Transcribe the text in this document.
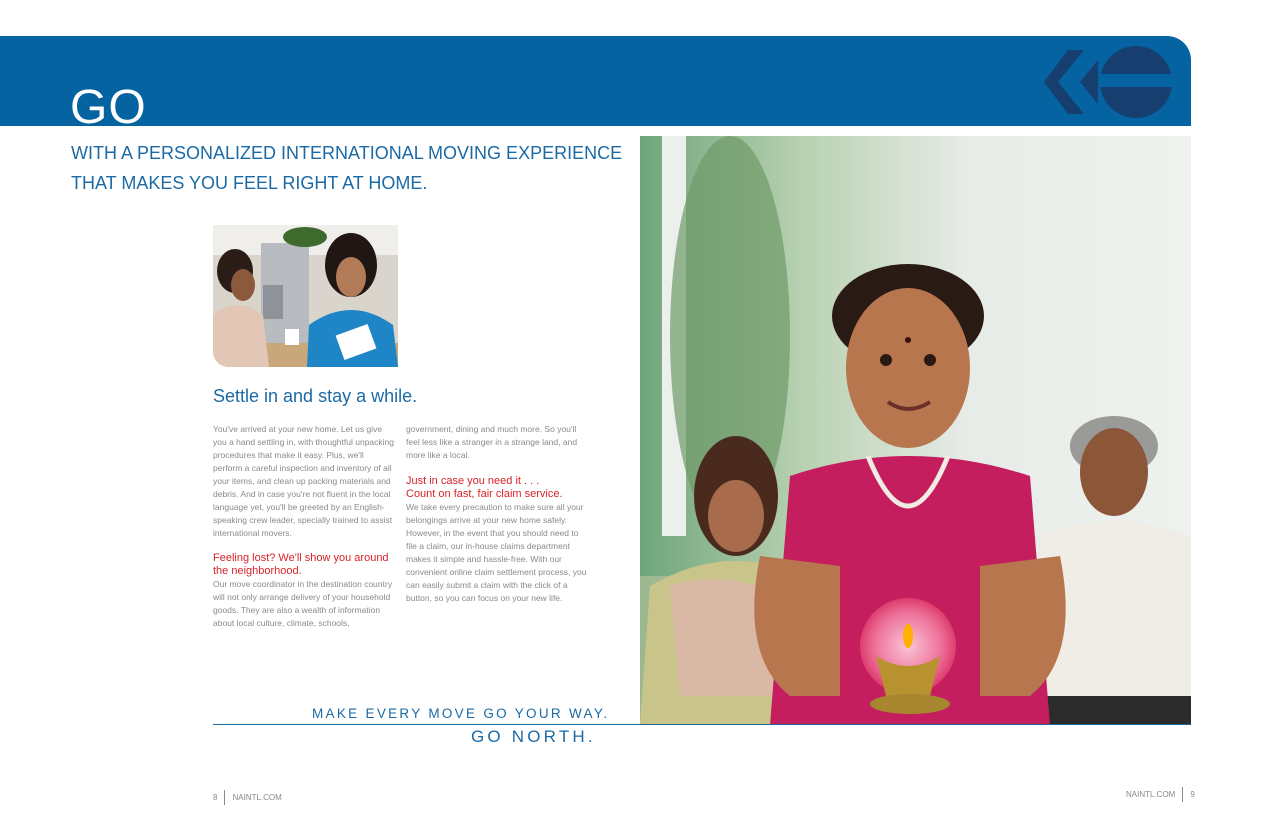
GO
WITH A PERSONALIZED INTERNATIONAL MOVING EXPERIENCE
THAT MAKES YOU FEEL RIGHT AT HOME.
Settle in and stay a while.

You've arrived at your new home. Let us give you a hand settling in, with thoughtful unpacking procedures that make it easy. Plus, we'll perform a careful inspection and inventory of all your items, and clean up packing materials and debris. And in case you're not fluent in the local language yet, you'll be greeted by an English-speaking crew leader, specially trained to assist international movers.

Feeling lost? We'll show you around the neighborhood.

Our move coordinator in the destination country will not only arrange delivery of your household goods. They are also a wealth of information about local culture, climate, schools,

government, dining and much more. So you'll feel less like a stranger in a strange land, and more like a local.

Just in case you need it . . .

Count on fast, fair claim service.

We take every precaution to make sure all your belongings arrive at your new home safely. However, in the event that you should need to file a claim, our in-house claims department makes it simple and hassle-free. With our convenient online claim settlement process, you can easily submit a claim with the click of a button, so you can focus on your new life.

MAKE EVERY MOVE GO YOUR WAY.
GO NORTH.
8 NAINTL.COM	NAINTL.COM 9
